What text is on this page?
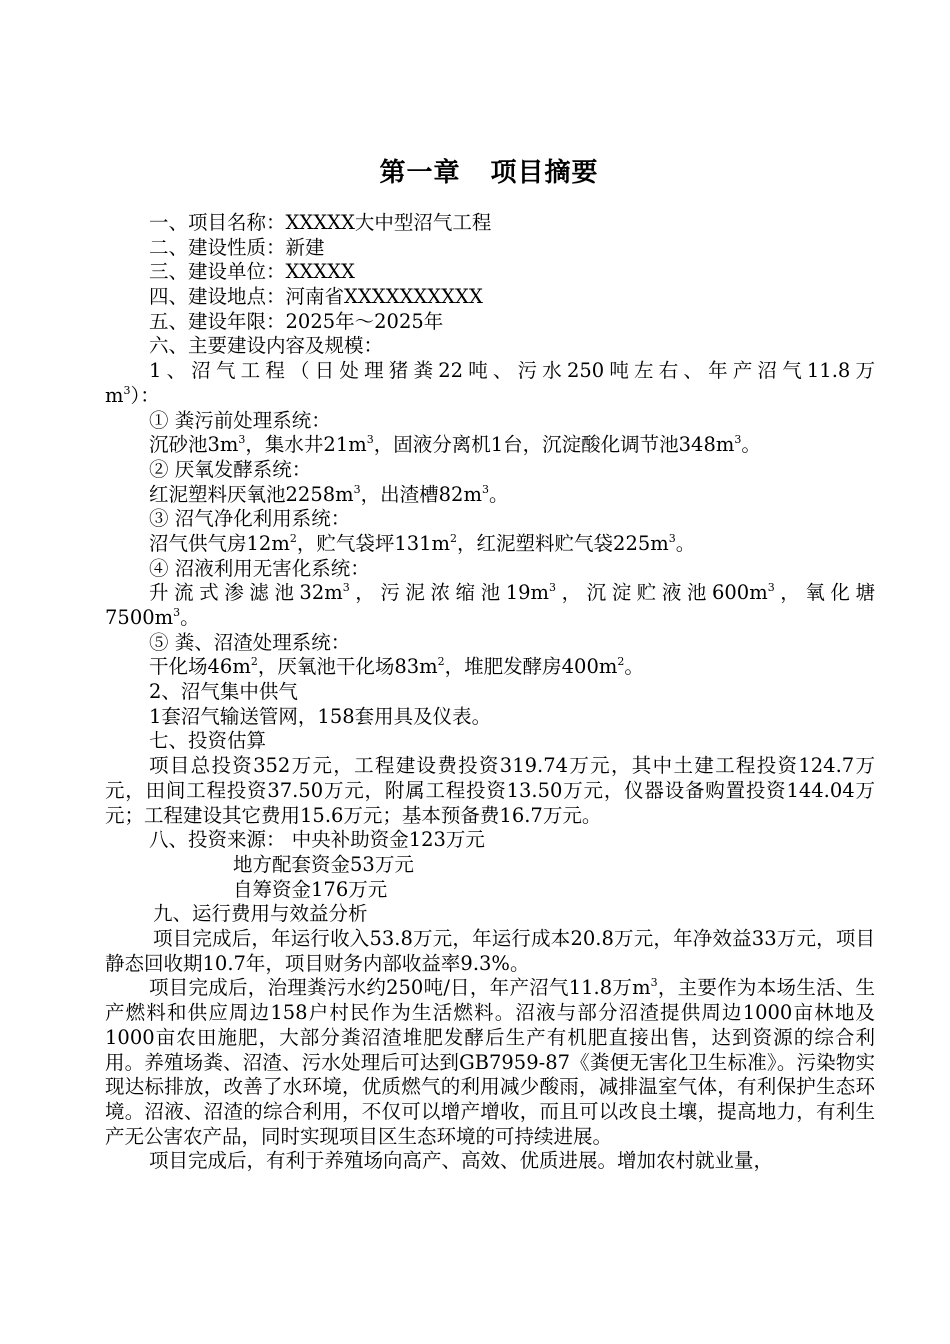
第一章 项目摘要
一、项目名称：XXXXX大中型沼气工程
二、建设性质：新建
三、建设单位：XXXXX
四、建设地点：河南省XXXXXXXXXX
五、建设年限：2025年～2025年
六、主要建设内容及规模：
1、沼气工程（日处理猪粪22吨、污水250吨左右、年产沼气11.8万
$m^3$）：
① 粪污前处理系统：
沉砂池$3m^3$，集水井$21m^3$，固液分离机1台，沉淀酸化调节池$348m^3$。
② 厌氧发酵系统：
红泥塑料厌氧池$2258m^3$，出渣槽$82m^3$。
③ 沼气净化利用系统：
沼气供气房$12m^2$，贮气袋坪$131m^2$，红泥塑料贮气袋$225m^3$。
④ 沼液利用无害化系统：
升流式渗滤池$32m^3$，污泥浓缩池$19m^3$，沉淀贮液池$600m^3$，氧化塘
$7500m^3$。
⑤ 粪、沼渣处理系统：
干化场$46m^2$，厌氧池干化场$83m^2$，堆肥发酵房$400m^2$。
2、沼气集中供气
1套沼气输送管网，158套用具及仪表。
七、投资估算
项目总投资352万元，工程建设费投资319.74万元，其中土建工程投资124.7万元，田间工程投资37.50万元，附属工程投资13.50万元，仪器设备购置投资144.04万元；工程建设其它费用15.6万元；基本预备费16.7万元。
八、投资来源： 中央补助资金123万元
地方配套资金53万元
自筹资金176万元
九、运行费用与效益分析
项目完成后，年运行收入53.8万元，年运行成本20.8万元，年净效益33万元，项目静态回收期10.7年，项目财务内部收益率9.3%。
项目完成后，治理粪污水约250吨/日，年产沼气11.8万$m^3$，主要作为本场生活、生产燃料和供应周边158户村民作为生活燃料。沼液与部分沼渣提供周边1000亩林地及1000亩农田施肥，大部分粪沼渣堆肥发酵后生产有机肥直接出售，达到资源的综合利用。养殖场粪、沼渣、污水处理后可达到GB7959-87《粪便无害化卫生标准》。污染物实现达标排放，改善了水环境，优质燃气的利用减少酸雨，减排温室气体，有利保护生态环境。沼液、沼渣的综合利用，不仅可以增产增收，而且可以改良土壤，提高地力，有利生产无公害农产品，同时实现项目区生态环境的可持续进展。
项目完成后，有利于养殖场向高产、高效、优质进展。增加农村就业量，
